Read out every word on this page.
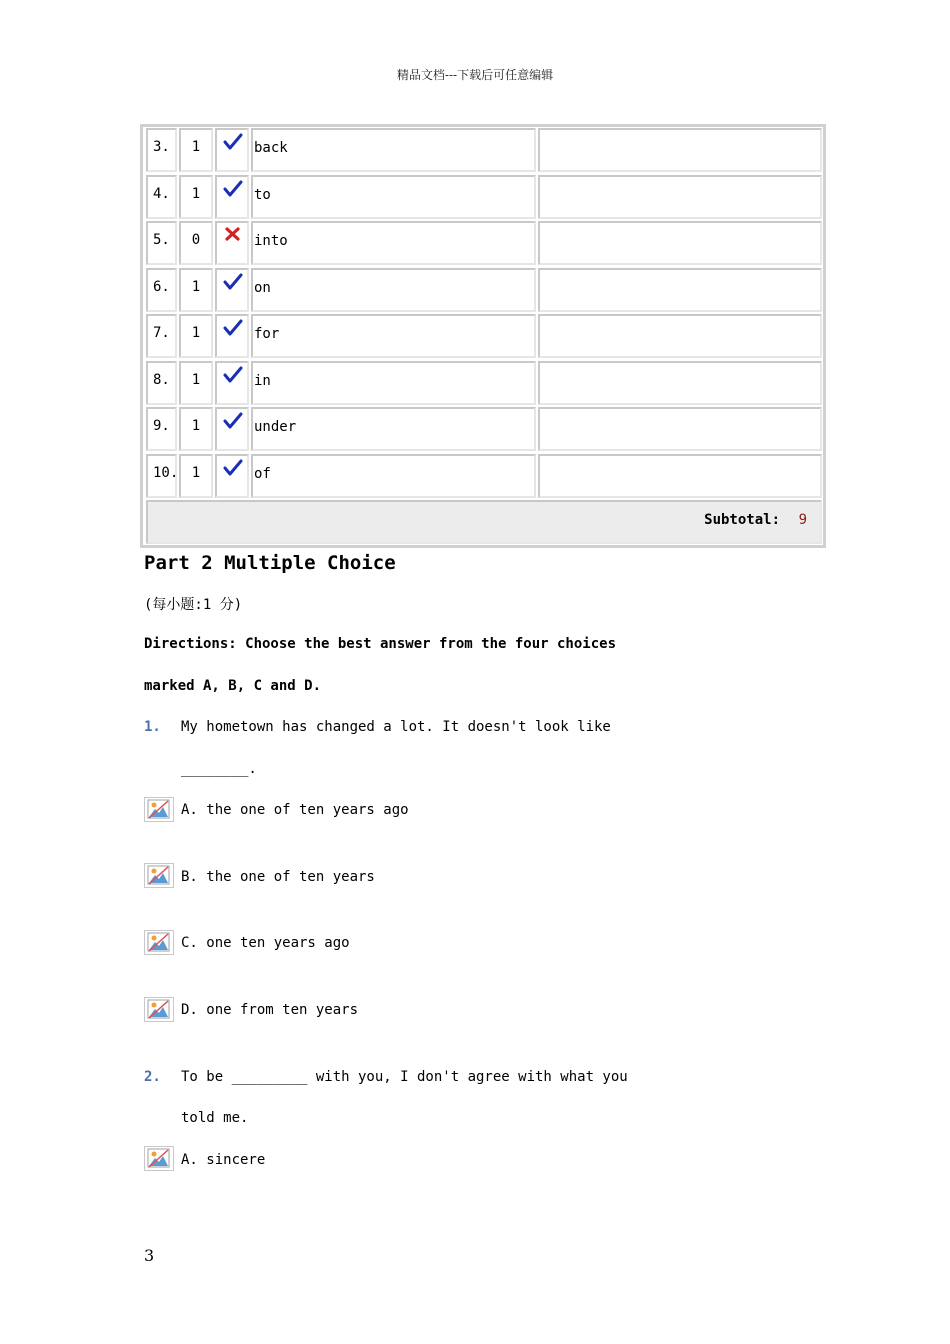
精品文档---下载后可任意编辑
3.	1	back
4.	1	to
5.	0	into
6.	1	on
7.	1	for
8.	1	in
9.	1	under
10. 1	of
Subtotal: 9
Part 2 Multiple Choice
(每小题:1 分)
Directions: Choose the best answer from the four choices
marked A, B, C and D.
1. My hometown has changed a lot. It doesn't look like
________.
A. the one of ten years ago
B. the one of ten years
C. one ten years ago
D. one from ten years
2. To be _________ with you, I don't agree with what you
told me.
A. sincere
3
